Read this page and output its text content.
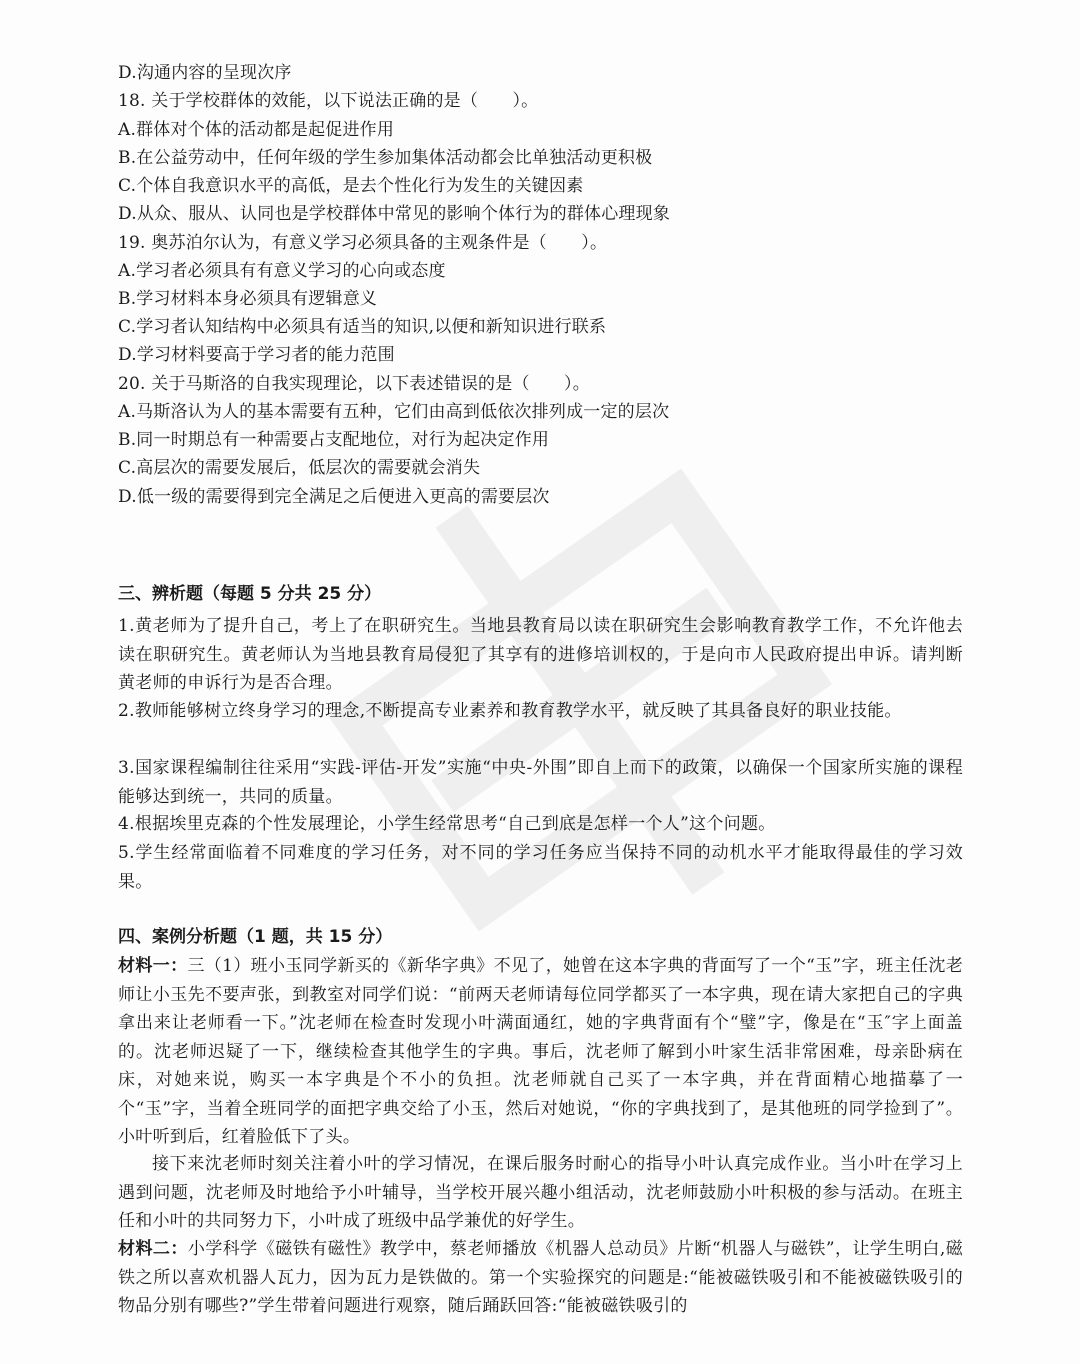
D.沟通内容的呈现次序
18. 关于学校群体的效能，以下说法正确的是（　　）。
A.群体对个体的活动都是起促进作用
B.在公益劳动中，任何年级的学生参加集体活动都会比单独活动更积极
C.个体自我意识水平的高低，是去个性化行为发生的关键因素
D.从众、服从、认同也是学校群体中常见的影响个体行为的群体心理现象
19. 奥苏泊尔认为，有意义学习必须具备的主观条件是（　　）。
A.学习者必须具有有意义学习的心向或态度
B.学习材料本身必须具有逻辑意义
C.学习者认知结构中必须具有适当的知识,以便和新知识进行联系
D.学习材料要高于学习者的能力范围
20. 关于马斯洛的自我实现理论，以下表述错误的是（　　）。
A.马斯洛认为人的基本需要有五种，它们由高到低依次排列成一定的层次
B.同一时期总有一种需要占支配地位，对行为起决定作用
C.高层次的需要发展后，低层次的需要就会消失
D.低一级的需要得到完全满足之后便进入更高的需要层次
三、辨析题（每题 5 分共 25 分）
1.黄老师为了提升自己，考上了在职研究生。当地县教育局以读在职研究生会影响教育教学工作，不允许他去读在职研究生。黄老师认为当地县教育局侵犯了其享有的进修培训权的，于是向市人民政府提出申诉。请判断黄老师的申诉行为是否合理。
2.教师能够树立终身学习的理念,不断提高专业素养和教育教学水平，就反映了其具备良好的职业技能。
3.国家课程编制往往采用“实践-评估-开发”实施“中央-外围”即自上而下的政策，以确保一个国家所实施的课程能够达到统一，共同的质量。
4.根据埃里克森的个性发展理论，小学生经常思考“自己到底是怎样一个人”这个问题。
5.学生经常面临着不同难度的学习任务，对不同的学习任务应当保持不同的动机水平才能取得最佳的学习效果。
四、案例分析题（1 题，共 15 分）
材料一：三（1）班小玉同学新买的《新华字典》不见了，她曾在这本字典的背面写了一个“玉”字，班主任沈老师让小玉先不要声张，到教室对同学们说：“前两天老师请每位同学都买了一本字典，现在请大家把自己的字典拿出来让老师看一下。”沈老师在检查时发现小叶满面通红，她的字典背面有个“璧”字，像是在“玉″字上面盖的。沈老师迟疑了一下，继续检查其他学生的字典。事后，沈老师了解到小叶家生活非常困难，母亲卧病在床，对她来说，购买一本字典是个不小的负担。沈老师就自己买了一本字典，并在背面精心地描摹了一个“玉”字，当着全班同学的面把字典交给了小玉，然后对她说，“你的字典找到了，是其他班的同学捡到了”。小叶听到后，红着脸低下了头。
接下来沈老师时刻关注着小叶的学习情况，在课后服务时耐心的指导小叶认真完成作业。当小叶在学习上遇到问题，沈老师及时地给予小叶辅导，当学校开展兴趣小组活动，沈老师鼓励小叶积极的参与活动。在班主任和小叶的共同努力下，小叶成了班级中品学兼优的好学生。
材料二：小学科学《磁铁有磁性》教学中，蔡老师播放《机器人总动员》片断“机器人与磁铁”，让学生明白,磁铁之所以喜欢机器人瓦力，因为瓦力是铁做的。第一个实验探究的问题是:“能被磁铁吸引和不能被磁铁吸引的物品分别有哪些?”学生带着问题进行观察，随后踊跃回答:“能被磁铁吸引的
